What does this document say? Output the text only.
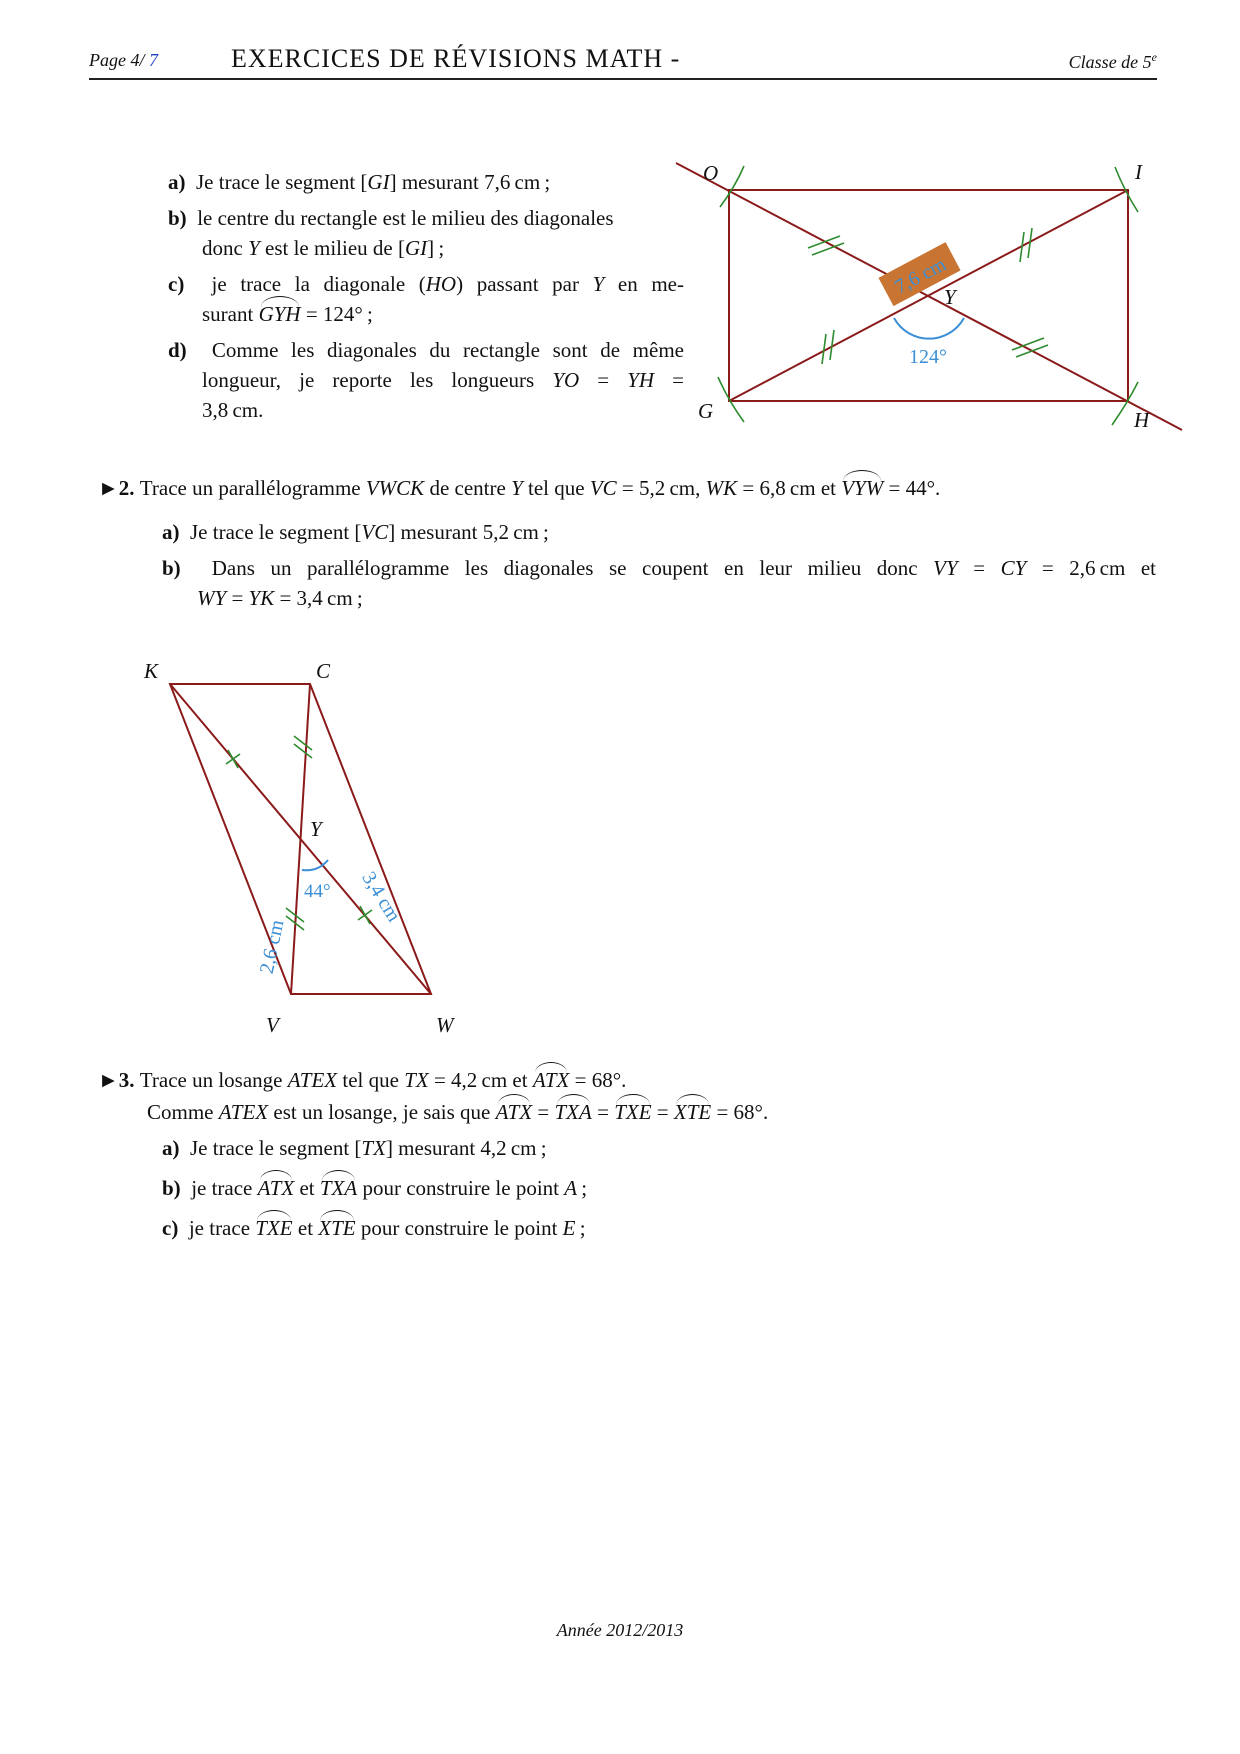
Page 4/ 7	EXERCICES DE RÉVISIONS MATH -	Classe de 5e
a)  Je trace le segment [GI] mesurant 7,6 cm ;
b)  le centre du rectangle est le milieu des diagonales
donc Y est le milieu de [GI] ;
c)  je trace la diagonale (HO) passant par Y en me-
surant GYH = 124° ;
d)  Comme les diagonales du rectangle sont de même
longueur, je reporte les longueurs YO = YH =
3,8 cm.
7,6 cm
124°
O	I
G	H
Y
►2. Trace un parallélogramme VWCK de centre Y tel que VC = 5,2 cm, WK = 6,8 cm et VYW = 44°.
a)  Je trace le segment [VC] mesurant 5,2 cm ;
b)  Dans un parallélogramme les diagonales se coupent en leur milieu donc VY = CY = 2,6 cm et
WY = YK = 3,4 cm ;
44°
2,6 cm
3,4 cm
K	C
Y
V	W
►3. Trace un losange ATEX tel que TX = 4,2 cm et ATX = 68°.
Comme ATEX est un losange, je sais que ATX = TXA = TXE = XTE = 68°.
a)  Je trace le segment [TX] mesurant 4,2 cm ;
b)  je trace ATX et TXA pour construire le point A ;
c)  je trace TXE et XTE pour construire le point E ;
Année 2012/2013
